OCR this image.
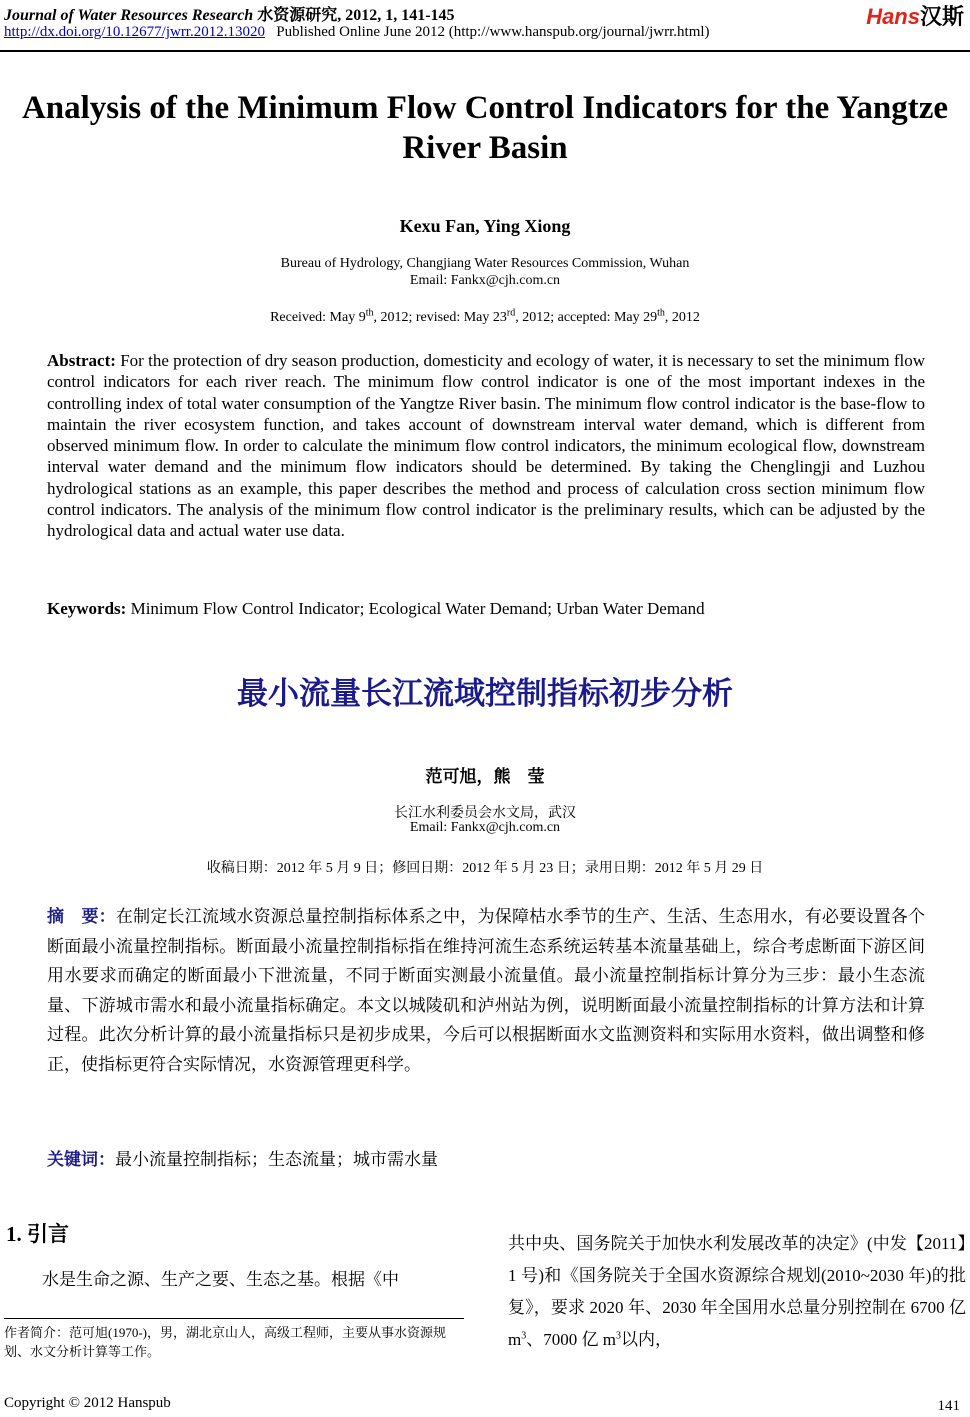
Journal of Water Resources Research 水资源研究, 2012, 1, 141-145
http://dx.doi.org/10.12677/jwrr.2012.13020 Published Online June 2012 (http://www.hanspub.org/journal/jwrr.html)
Hans汉斯
Analysis of the Minimum Flow Control Indicators for the Yangtze River Basin
Kexu Fan, Ying Xiong
Bureau of Hydrology, Changjiang Water Resources Commission, Wuhan
Email: Fankx@cjh.com.cn
Received: May 9th, 2012; revised: May 23rd, 2012; accepted: May 29th, 2012
Abstract: For the protection of dry season production, domesticity and ecology of water, it is necessary to set the minimum flow control indicators for each river reach. The minimum flow control indicator is one of the most important indexes in the controlling index of total water consumption of the Yangtze River basin. The minimum flow control indicator is the base-flow to maintain the river ecosystem function, and takes account of downstream interval water demand, which is different from observed minimum flow. In order to calculate the minimum flow control indicators, the minimum ecological flow, downstream interval water demand and the minimum flow indicators should be determined. By taking the Chenglingji and Luzhou hydrological stations as an example, this paper describes the method and process of calculation cross section minimum flow control indicators. The analysis of the minimum flow control indicator is the preliminary results, which can be adjusted by the hydrological data and actual water use data.
Keywords: Minimum Flow Control Indicator; Ecological Water Demand; Urban Water Demand
最小流量长江流域控制指标初步分析
范可旭，熊　莹
长江水利委员会水文局，武汉
Email: Fankx@cjh.com.cn
收稿日期：2012 年 5 月 9 日；修回日期：2012 年 5 月 23 日；录用日期：2012 年 5 月 29 日
摘　要：在制定长江流域水资源总量控制指标体系之中，为保障枯水季节的生产、生活、生态用水，有必要设置各个断面最小流量控制指标。断面最小流量控制指标指在维持河流生态系统运转基本流量基础上，综合考虑断面下游区间用水要求而确定的断面最小下泄流量，不同于断面实测最小流量值。最小流量控制指标计算分为三步：最小生态流量、下游城市需水和最小流量指标确定。本文以城陵矶和泸州站为例，说明断面最小流量控制指标的计算方法和计算过程。此次分析计算的最小流量指标只是初步成果，今后可以根据断面水文监测资料和实际用水资料，做出调整和修正，使指标更符合实际情况，水资源管理更科学。
关键词：最小流量控制指标；生态流量；城市需水量
1. 引言
水是生命之源、生产之要、生态之基。根据《中
共中央、国务院关于加快水利发展改革的决定》(中发【2011】1 号)和《国务院关于全国水资源综合规划(2010~2030 年)的批复》，要求 2020 年、2030 年全国用水总量分别控制在 6700 亿 $m^3$、7000 亿 $m^3$以内，
作者简介：范可旭(1970-)，男，湖北京山人，高级工程师，主要从事水资源规划、水文分析计算等工作。
Copyright © 2012 Hanspub	141
